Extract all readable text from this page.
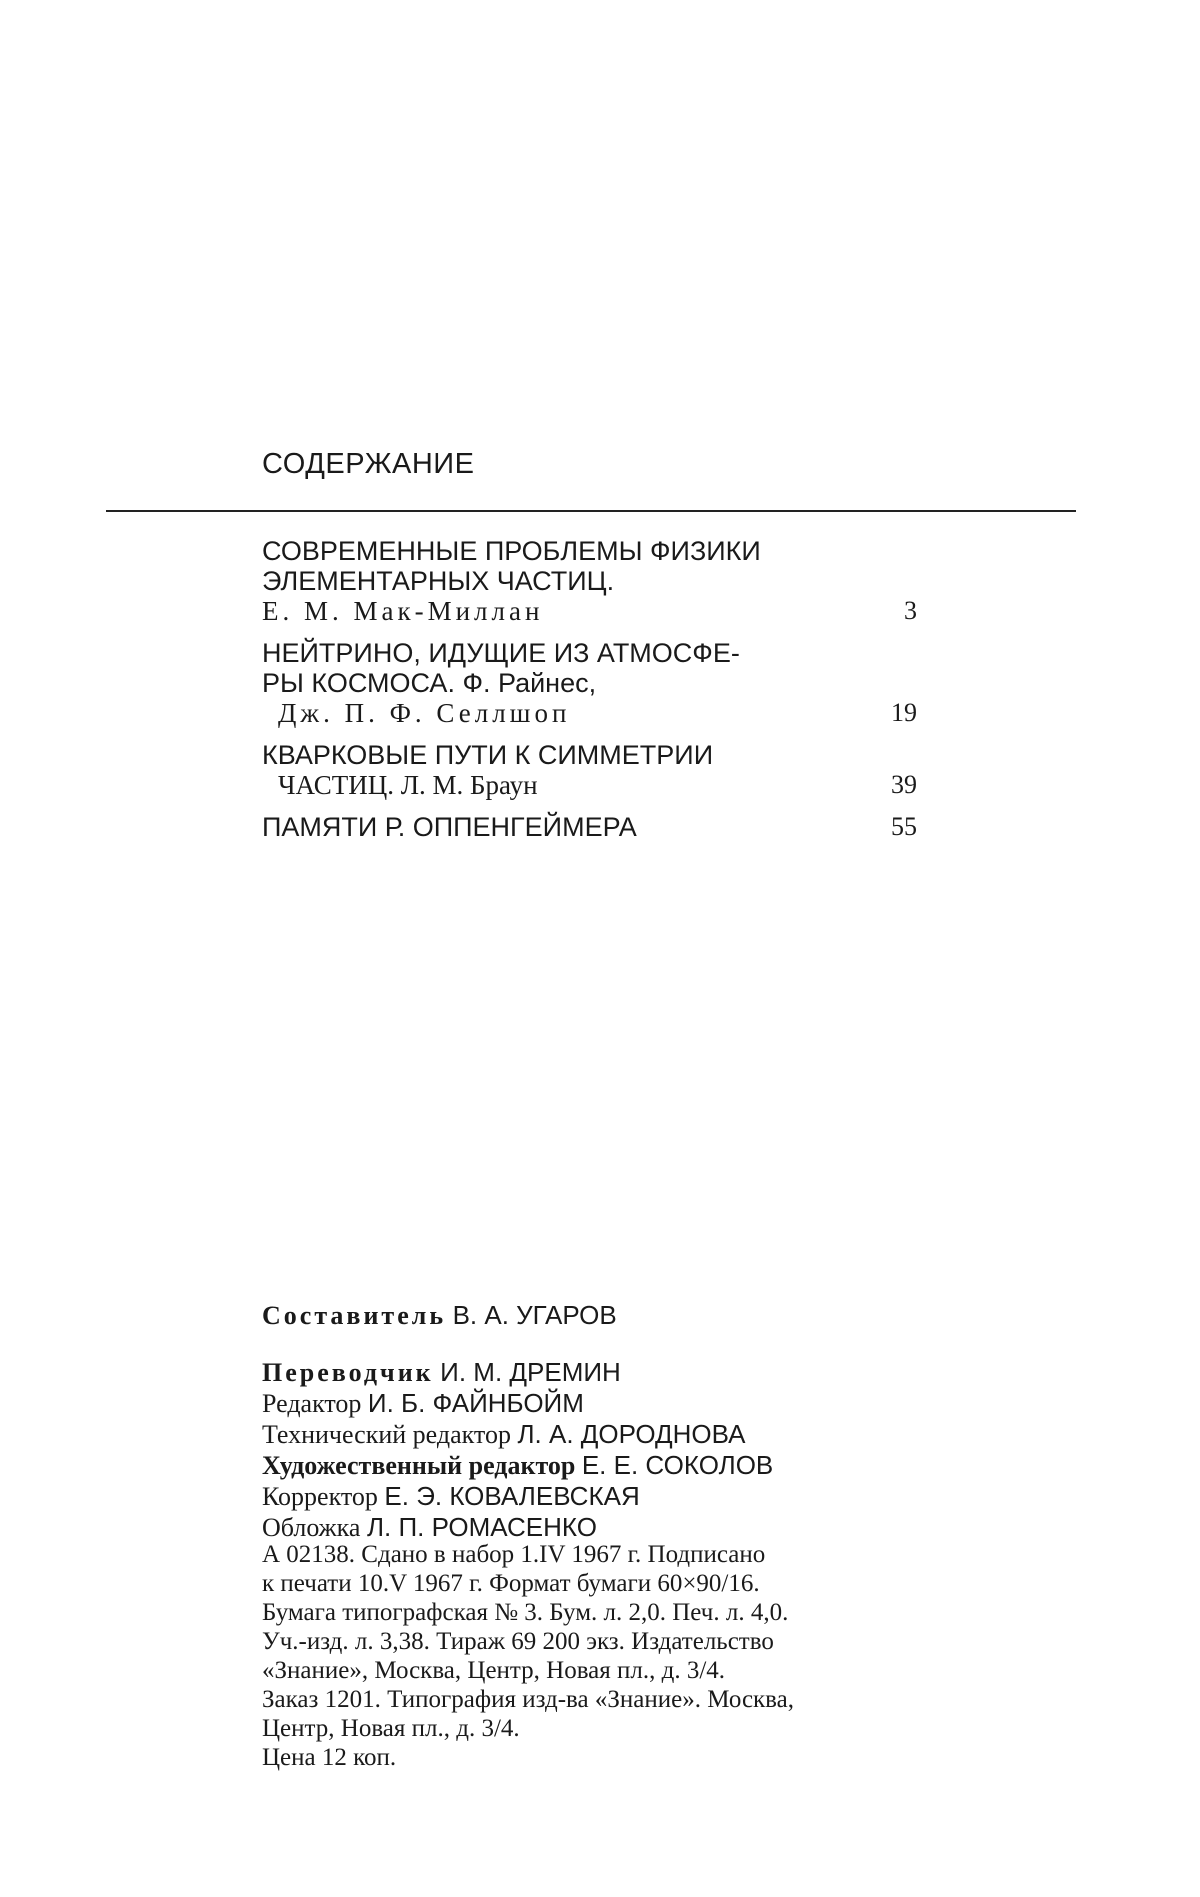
СОДЕРЖАНИЕ
СОВРЕМЕННЫЕ ПРОБЛЕМЫ ФИЗИКИ
ЭЛЕМЕНТАРНЫХ ЧАСТИЦ.
Е. М. Мак-Миллан	3
НЕЙТРИНО, ИДУЩИЕ ИЗ АТМОСФЕ-
РЫ КОСМОСА. Ф. Райнес,
Дж. П. Ф. Селлшоп	19
КВАРКОВЫЕ ПУТИ К СИММЕТРИИ
ЧАСТИЦ. Л. М. Браун	39
ПАМЯТИ Р. ОППЕНГЕЙМЕРА	55
Составитель В. А. УГАРОВ
Переводчик И. М. ДРЕМИН
Редактор И. Б. ФАЙНБОЙМ
Технический редактор Л. А. ДОРОДНОВА
Художественный редактор Е. Е. СОКОЛОВ
Корректор Е. Э. КОВАЛЕВСКАЯ
Обложка Л. П. РОМАСЕНКО
А 02138. Сдано в набор 1.IV 1967 г. Подписано
к печати 10.V 1967 г. Формат бумаги 60×90/16.
Бумага типографская № 3. Бум. л. 2,0. Печ. л. 4,0.
Уч.-изд. л. 3,38. Тираж 69 200 экз. Издательство
«Знание», Москва, Центр, Новая пл., д. 3/4.
Заказ 1201. Типография изд-ва «Знание». Москва,
Центр, Новая пл., д. 3/4.
Цена 12 коп.
